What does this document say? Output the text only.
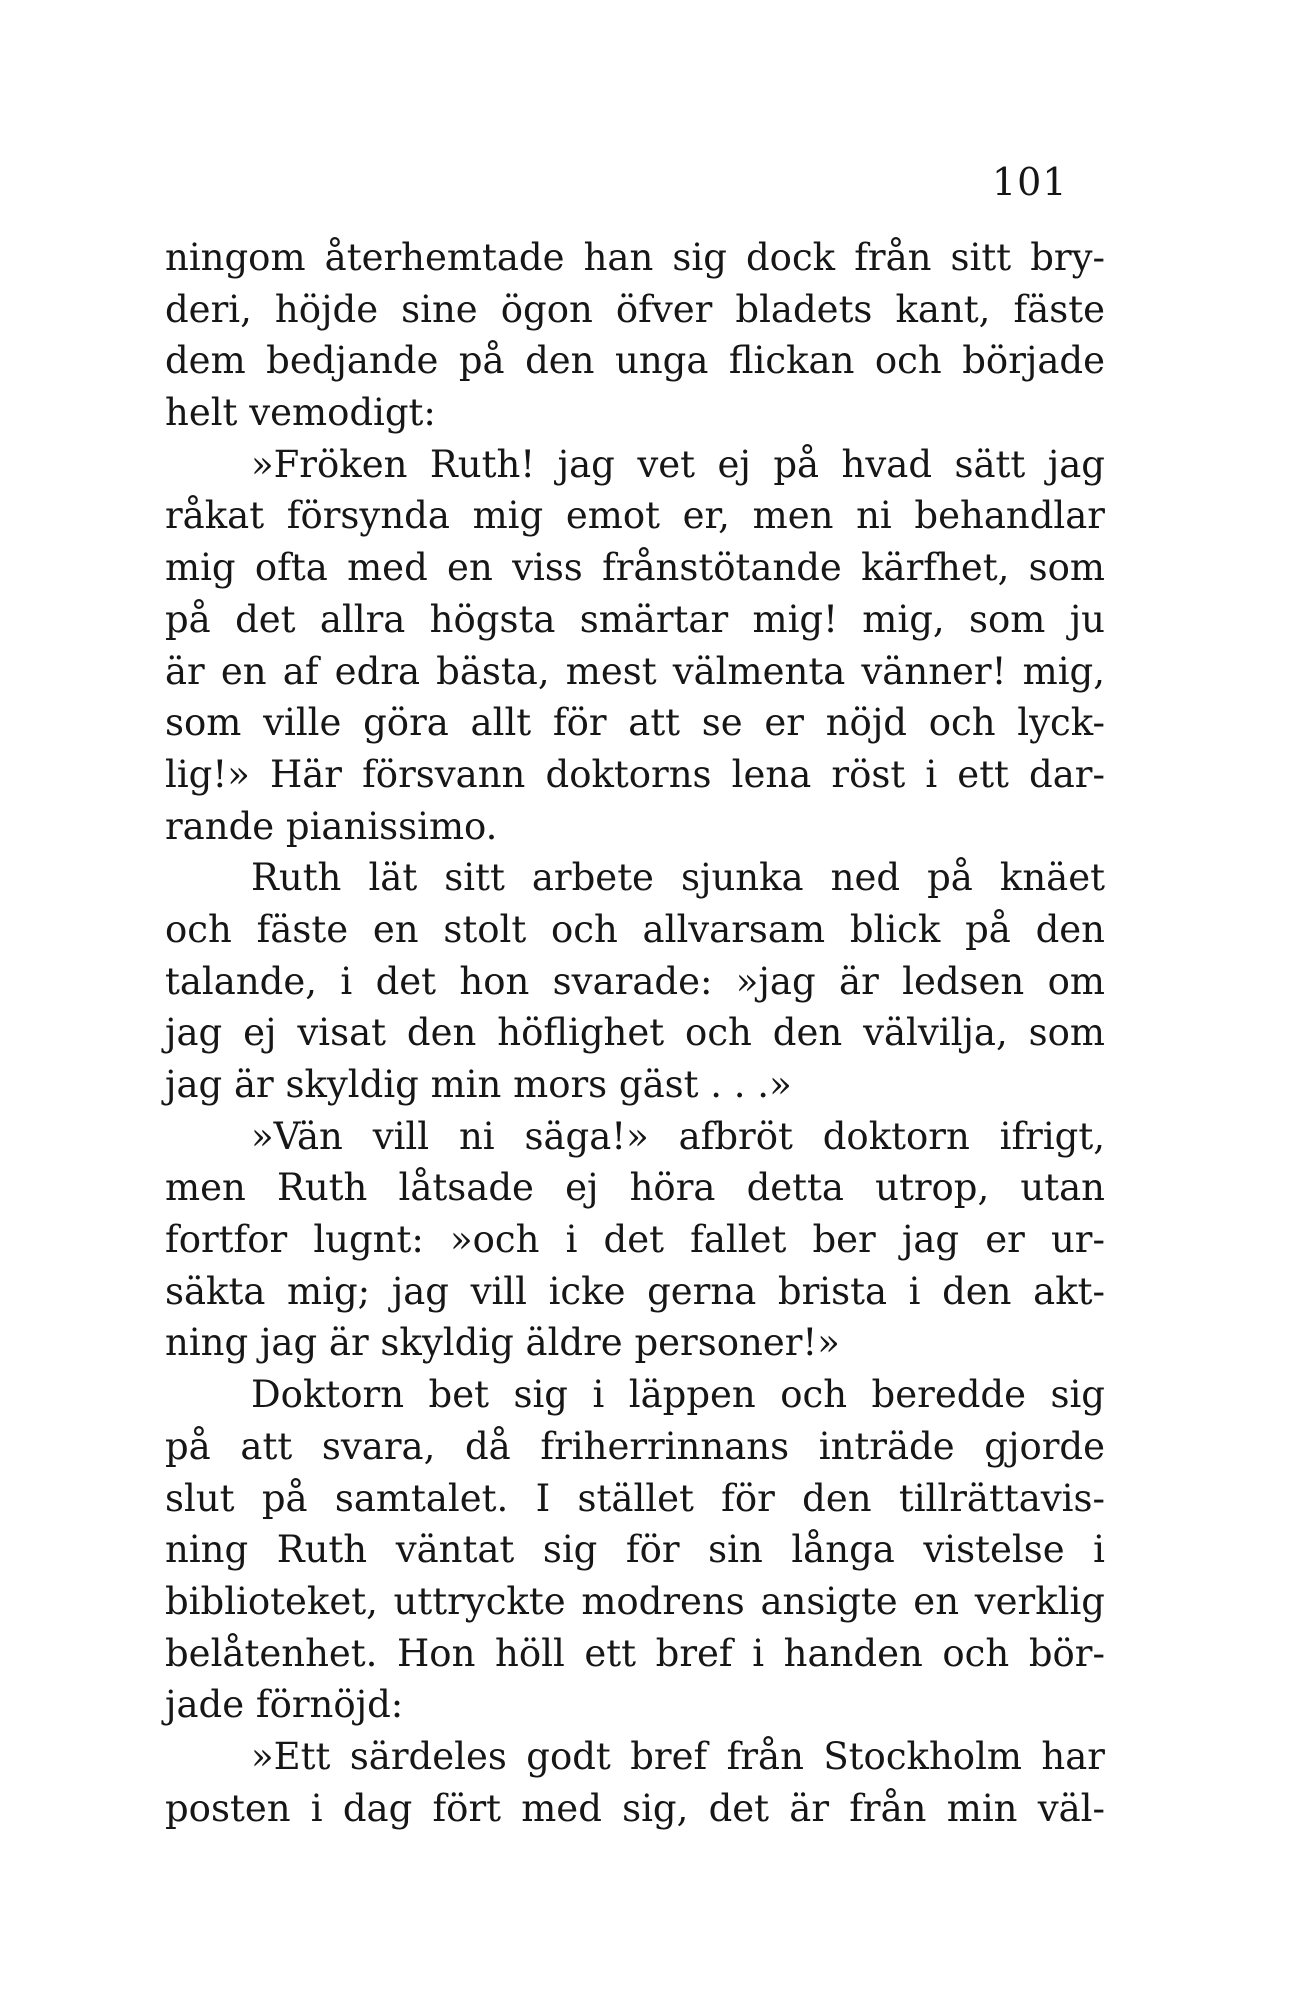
101
ningom återhemtade han sig dock från sitt bry-
deri, höjde sine ögon öfver bladets kant, fäste
dem bedjande på den unga flickan och började
helt vemodigt:
»Fröken Ruth! jag vet ej på hvad sätt jag
råkat försynda mig emot er, men ni behandlar
mig ofta med en viss frånstötande kärfhet, som
på det allra högsta smärtar mig! mig, som ju
är en af edra bästa, mest välmenta vänner! mig,
som ville göra allt för att se er nöjd och lyck-
lig!» Här försvann doktorns lena röst i ett dar-
rande pianissimo.
Ruth lät sitt arbete sjunka ned på knäet
och fäste en stolt och allvarsam blick på den
talande, i det hon svarade: »jag är ledsen om
jag ej visat den höflighet och den välvilja, som
jag är skyldig min mors gäst . . .»
»Vän vill ni säga!» afbröt doktorn ifrigt,
men Ruth låtsade ej höra detta utrop, utan
fortfor lugnt: »och i det fallet ber jag er ur-
säkta mig; jag vill icke gerna brista i den akt-
ning jag är skyldig äldre personer!»
Doktorn bet sig i läppen och beredde sig
på att svara, då friherrinnans inträde gjorde
slut på samtalet. I stället för den tillrättavis-
ning Ruth väntat sig för sin långa vistelse i
biblioteket, uttryckte modrens ansigte en verklig
belåtenhet. Hon höll ett bref i handen och bör-
jade förnöjd:
»Ett särdeles godt bref från Stockholm har
posten i dag fört med sig, det är från min väl-
